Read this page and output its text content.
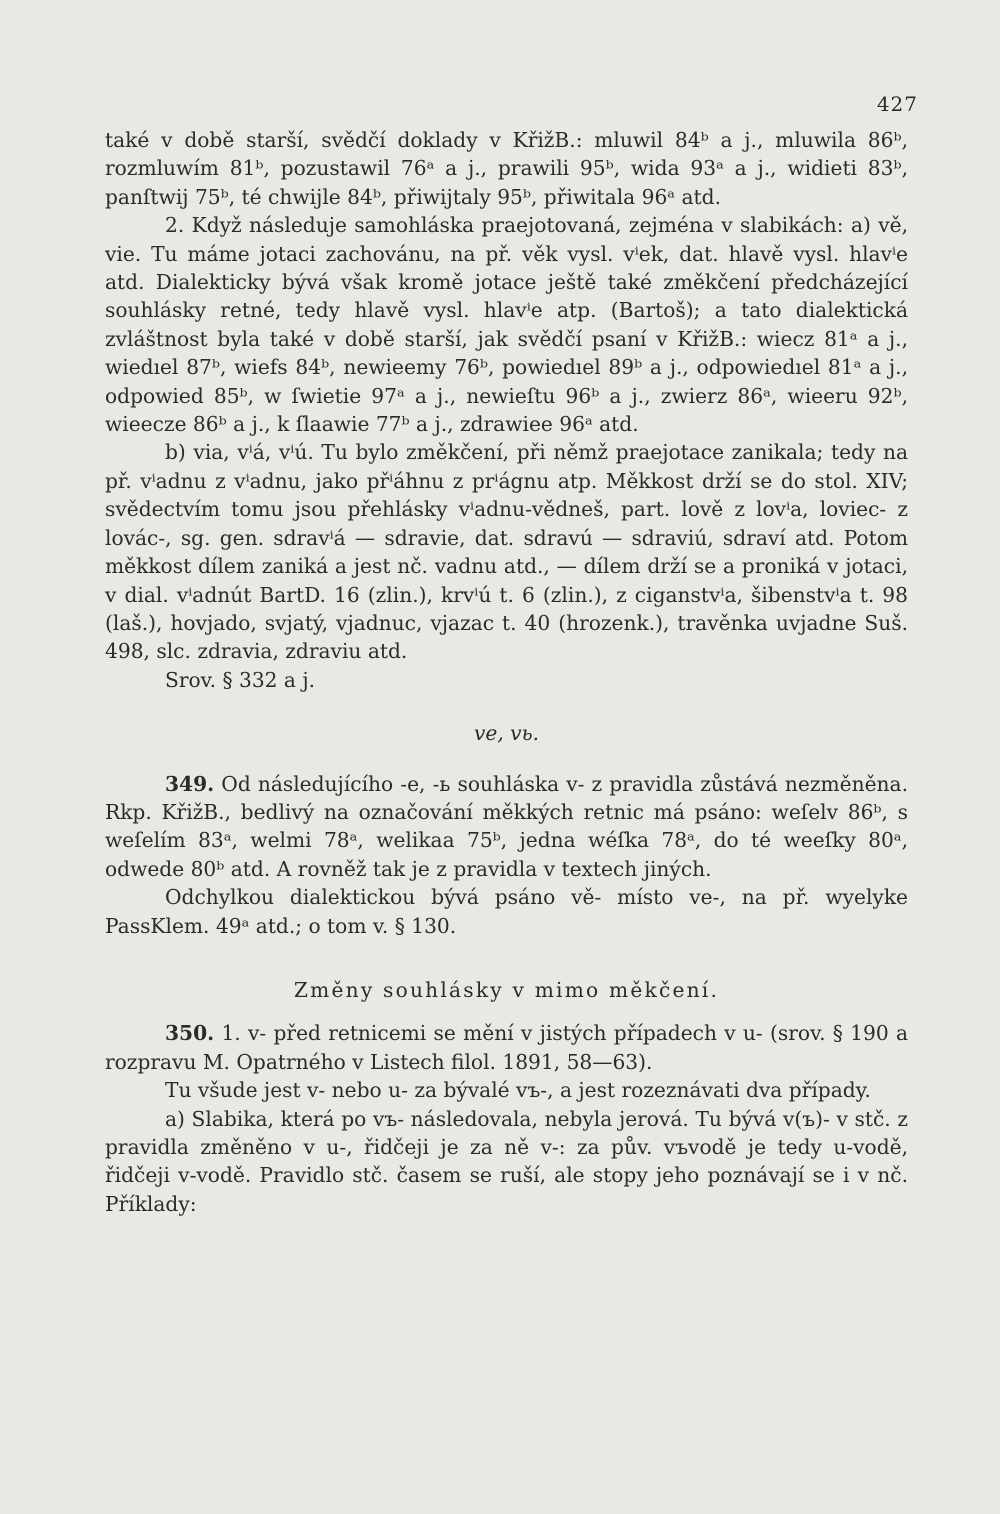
427

také v době starší, svědčí doklady v KřižB.: mluwil 84ᵇ a j., mluwila 86ᵇ, rozmluwím 81ᵇ, pozustawil 76ᵃ a j., prawili 95ᵇ, wida 93ᵃ a j., widieti 83ᵇ, panſtwij 75ᵇ, té chwijle 84ᵇ, přiwijtaly 95ᵇ, přiwitala 96ᵃ atd.

2. Když následuje samohláska praejotovaná, zejména v slabikách: a) vě, vie. Tu máme jotaci zachovánu, na př. věk vysl. vⁱek, dat. hlavě vysl. hlavⁱe atd. Dialekticky bývá však kromě jotace ještě také změkčení předcházející souhlásky retné, tedy hlavě vysl. hlavⁱe atp. (Bartoš); a tato dialektická zvláštnost byla také v době starší, jak svědčí psaní v KřižB.: wiecz 81ᵃ a j., wiedıel 87ᵇ, wiefs 84ᵇ, newieemy 76ᵇ, powiedıel 89ᵇ a j., odpowiedıel 81ᵃ a j., odpowied 85ᵇ, w ſwietie 97ᵃ a j., newieſtu 96ᵇ a j., zwierz 86ᵃ, wieeru 92ᵇ, wieecze 86ᵇ a j., k ſlaawie 77ᵇ a j., zdrawiee 96ᵃ atd.

b) via, vⁱá, vⁱú. Tu bylo změkčení, při němž praejotace zanikala; tedy na př. vⁱadnu z vⁱadnu, jako přⁱáhnu z prⁱágnu atp. Měkkost drží se do stol. XIV; svědectvím tomu jsou přehlásky vⁱadnu-vědneš, part. lově z lovⁱa, loviec- z lovác-, sg. gen. sdravⁱá — sdravie, dat. sdravú — sdraviú, sdraví atd. Potom měkkost dílem zaniká a jest nč. vadnu atd., — dílem drží se a proniká v jotaci, v dial. vⁱadnút BartD. 16 (zlin.), krvⁱú t. 6 (zlin.), z ciganstvⁱa, šibenstvⁱa t. 98 (laš.), hovjado, svjatý, vjadnuc, vjazac t. 40 (hrozenk.), travěnka uvjadne Suš. 498, slc. zdravia, zdraviu atd.

Srov. § 332 a j.

ve, vь.

349. Od následujícího -e, -ь souhláska v- z pravidla zůstává nezměněna. Rkp. KřižB., bedlivý na označování měkkých retnic má psáno: weſelv 86ᵇ, s weſelím 83ᵃ, welmi 78ᵃ, welikaa 75ᵇ, jedna wéſka 78ᵃ, do té weeſky 80ᵃ, odwede 80ᵇ atd. A rovněž tak je z pravidla v textech jiných.

Odchylkou dialektickou bývá psáno vě- místo ve-, na př. wyelyke PassKlem. 49ᵃ atd.; o tom v. § 130.

Změny souhlásky v mimo měkčení.

350. 1. v- před retnicemi se mění v jistých případech v u- (srov. § 190 a rozpravu M. Opatrného v Listech filol. 1891, 58—63).

Tu všude jest v- nebo u- za bývalé vъ-, a jest rozeznávati dva případy.

a) Slabika, která po vъ- následovala, nebyla jerová. Tu bývá v(ъ)- v stč. z pravidla změněno v u-, řidčeji je za ně v-: za pův. vъvodě je tedy u-vodě, řidčeji v-vodě. Pravidlo stč. časem se ruší, ale stopy jeho poznávají se i v nč. Příklady:
